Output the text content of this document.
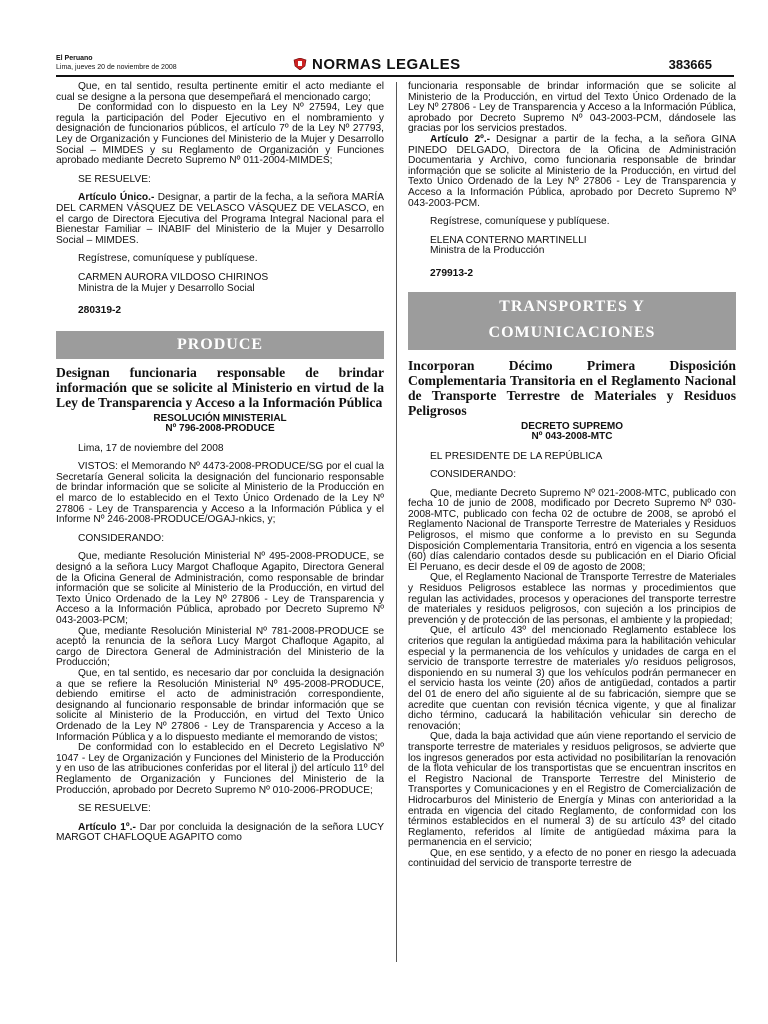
El Peruano
Lima, jueves 20 de noviembre de 2008	NORMAS LEGALES	383665

Que, en tal sentido, resulta pertinente emitir el acto mediante el cual se designe a la persona que desempeñará el mencionado cargo;

De conformidad con lo dispuesto en la Ley Nº 27594, Ley que regula la participación del Poder Ejecutivo en el nombramiento y designación de funcionarios públicos, el artículo 7º de la Ley Nº 27793, Ley de Organización y Funciones del Ministerio de la Mujer y Desarrollo Social – MIMDES y su Reglamento de Organización y Funciones aprobado mediante Decreto Supremo Nº 011-2004-MIMDES;

SE RESUELVE:

Artículo Único.- Designar, a partir de la fecha, a la señora MARÍA DEL CARMEN VÁSQUEZ DE VELASCO VÁSQUEZ DE VELASCO, en el cargo de Directora Ejecutiva del Programa Integral Nacional para el Bienestar Familiar – INABIF del Ministerio de la Mujer y Desarrollo Social – MIMDES.

Regístrese, comuníquese y publíquese.

CARMEN AURORA VILDOSO CHIRINOS

Ministra de la Mujer y Desarrollo Social

280319-2

PRODUCE

Designan funcionaria responsable de brindar información que se solicite al Ministerio en virtud de la Ley de Transparencia y Acceso a la Información Pública

RESOLUCIÓN MINISTERIAL
Nº 796-2008-PRODUCE

Lima, 17 de noviembre del 2008

VISTOS: el Memorando Nº 4473-2008-PRODUCE/SG por el cual la Secretaría General solicita la designación del funcionario responsable de brindar información que se solicite al Ministerio de la Producción en el marco de lo establecido en el Texto Único Ordenado de la Ley Nº 27806 - Ley de Transparencia y Acceso a la Información Pública y el Informe Nº 246-2008-PRODUCE/OGAJ-nkics, y;

CONSIDERANDO:

Que, mediante Resolución Ministerial Nº 495-2008-PRODUCE, se designó a la señora Lucy Margot Chafloque Agapito, Directora General de la Oficina General de Administración, como responsable de brindar información que se solicite al Ministerio de la Producción, en virtud del Texto Único Ordenado de la Ley Nº 27806 - Ley de Transparencia y Acceso a la Información Pública, aprobado por Decreto Supremo Nº 043-2003-PCM;

Que, mediante Resolución Ministerial Nº 781-2008-PRODUCE se aceptó la renuncia de la señora Lucy Margot Chafloque Agapito, al cargo de Directora General de Administración del Ministerio de la Producción;

Que, en tal sentido, es necesario dar por concluida la designación a que se refiere la Resolución Ministerial Nº 495-2008-PRODUCE, debiendo emitirse el acto de administración correspondiente, designando al funcionario responsable de brindar información que se solicite al Ministerio de la Producción, en virtud del Texto Único Ordenado de la Ley Nº 27806 - Ley de Transparencia y Acceso a la Información Pública y a lo dispuesto mediante el memorando de vistos;

De conformidad con lo establecido en el Decreto Legislativo Nº 1047 - Ley de Organización y Funciones del Ministerio de la Producción y en uso de las atribuciones conferidas por el literal j) del artículo 11º del Reglamento de Organización y Funciones del Ministerio de la Producción, aprobado por Decreto Supremo Nº 010-2006-PRODUCE;

SE RESUELVE:

Artículo 1º.- Dar por concluida la designación de la señora LUCY MARGOT CHAFLOQUE AGAPITO como

funcionaria responsable de brindar información que se solicite al Ministerio de la Producción, en virtud del Texto Único Ordenado de la Ley Nº 27806 - Ley de Transparencia y Acceso a la Información Pública, aprobado por Decreto Supremo Nº 043-2003-PCM, dándosele las gracias por los servicios prestados.

Artículo 2º.- Designar a partir de la fecha, a la señora GINA PINEDO DELGADO, Directora de la Oficina de Administración Documentaria y Archivo, como funcionaria responsable de brindar información que se solicite al Ministerio de la Producción, en virtud del Texto Único Ordenado de la Ley Nº 27806 - Ley de Transparencia y Acceso a la Información Pública, aprobado por Decreto Supremo Nº 043-2003-PCM.

Regístrese, comuníquese y publíquese.

ELENA CONTERNO MARTINELLI

Ministra de la Producción

279913-2

TRANSPORTES Y
COMUNICACIONES

Incorporan Décimo Primera Disposición Complementaria Transitoria en el Reglamento Nacional de Transporte Terrestre de Materiales y Residuos Peligrosos

DECRETO SUPREMO
Nº 043-2008-MTC

EL PRESIDENTE DE LA REPÚBLICA

CONSIDERANDO:

Que, mediante Decreto Supremo Nº 021-2008-MTC, publicado con fecha 10 de junio de 2008, modificado por Decreto Supremo Nº 030-2008-MTC, publicado con fecha 02 de octubre de 2008, se aprobó el Reglamento Nacional de Transporte Terrestre de Materiales y Residuos Peligrosos, el mismo que conforme a lo previsto en su Segunda Disposición Complementaria Transitoria, entró en vigencia a los sesenta (60) días calendario contados desde su publicación en el Diario Oficial El Peruano, es decir desde el 09 de agosto de 2008;

Que, el Reglamento Nacional de Transporte Terrestre de Materiales y Residuos Peligrosos establece las normas y procedimientos que regulan las actividades, procesos y operaciones del transporte terrestre de materiales y residuos peligrosos, con sujeción a los principios de prevención y de protección de las personas, el ambiente y la propiedad;

Que, el artículo 43º del mencionado Reglamento establece los criterios que regulan la antigüedad máxima para la habilitación vehicular especial y la permanencia de los vehículos y unidades de carga en el servicio de transporte terrestre de materiales y/o residuos peligrosos, disponiendo en su numeral 3) que los vehículos podrán permanecer en el servicio hasta los veinte (20) años de antigüedad, contados a partir del 01 de enero del año siguiente al de su fabricación, siempre que se acredite que cuentan con revisión técnica vigente, y que al finalizar dicho término, caducará la habilitación vehicular sin derecho de renovación;

Que, dada la baja actividad que aún viene reportando el servicio de transporte terrestre de materiales y residuos peligrosos, se advierte que los ingresos generados por esta actividad no posibilitarían la renovación de la flota vehicular de los transportistas que se encuentran inscritos en el Registro Nacional de Transporte Terrestre del Ministerio de Transportes y Comunicaciones y en el Registro de Comercialización de Hidrocarburos del Ministerio de Energía y Minas con anterioridad a la entrada en vigencia del citado Reglamento, de conformidad con los términos establecidos en el numeral 3) de su artículo 43º del citado Reglamento, referidos al límite de antigüedad máxima para la permanencia en el servicio;

Que, en ese sentido, y a efecto de no poner en riesgo la adecuada continuidad del servicio de transporte terrestre de
